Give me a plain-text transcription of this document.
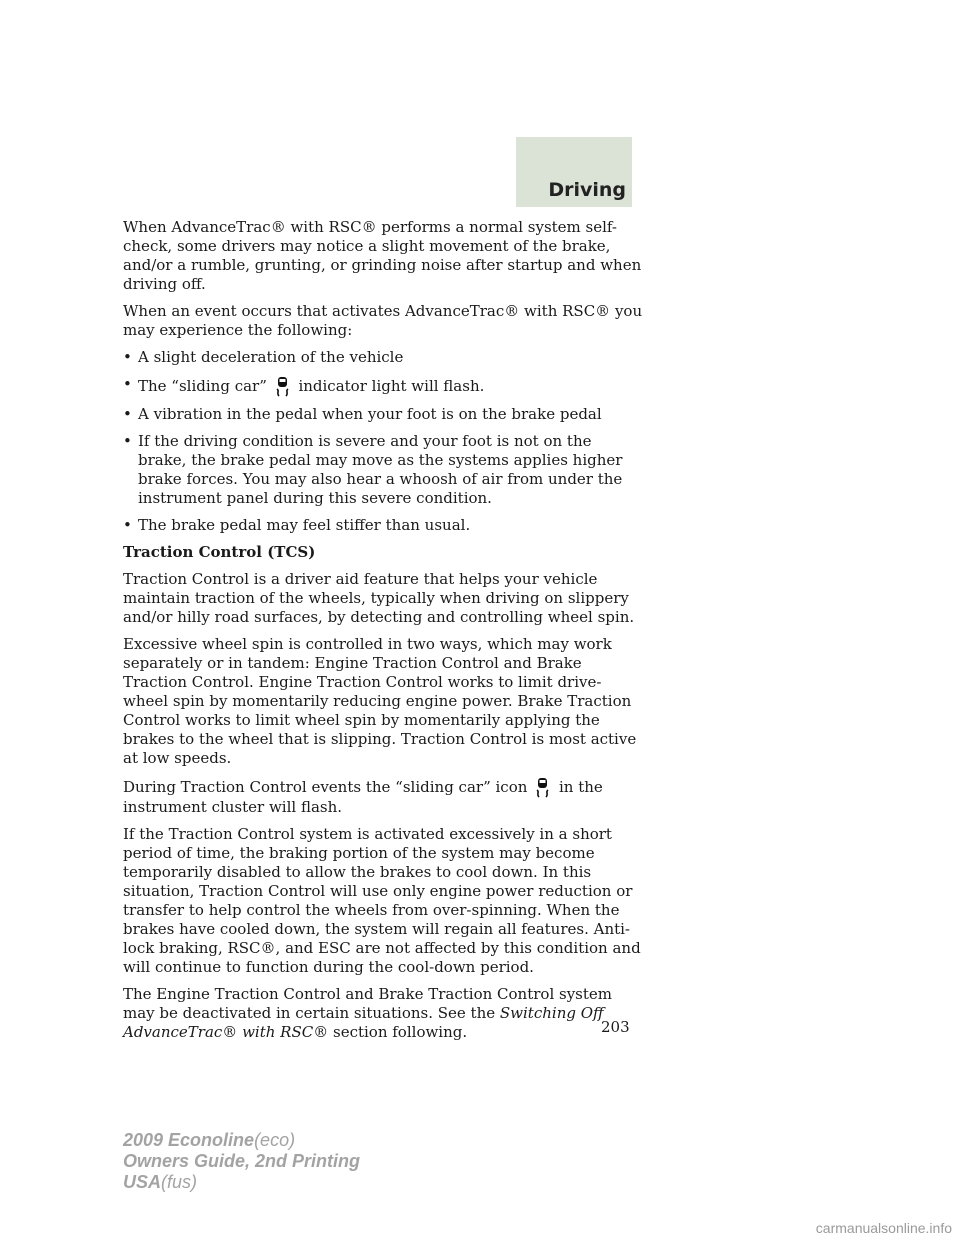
Driving

When AdvanceTrac® with RSC® performs a normal system self-check, some drivers may notice a slight movement of the brake, and/or a rumble, grunting, or grinding noise after startup and when driving off.

When an event occurs that activates AdvanceTrac® with RSC® you may experience the following:

• A slight deceleration of the vehicle
• The “sliding car” indicator light will flash.
• A vibration in the pedal when your foot is on the brake pedal
• If the driving condition is severe and your foot is not on the brake, the brake pedal may move as the systems applies higher brake forces. You may also hear a whoosh of air from under the instrument panel during this severe condition.
• The brake pedal may feel stiffer than usual.
Traction Control (TCS)

Traction Control is a driver aid feature that helps your vehicle maintain traction of the wheels, typically when driving on slippery and/or hilly road surfaces, by detecting and controlling wheel spin.

Excessive wheel spin is controlled in two ways, which may work separately or in tandem: Engine Traction Control and Brake Traction Control. Engine Traction Control works to limit drive-wheel spin by momentarily reducing engine power. Brake Traction Control works to limit wheel spin by momentarily applying the brakes to the wheel that is slipping. Traction Control is most active at low speeds.

During Traction Control events the “sliding car” icon in the instrument cluster will flash.

If the Traction Control system is activated excessively in a short period of time, the braking portion of the system may become temporarily disabled to allow the brakes to cool down. In this situation, Traction Control will use only engine power reduction or transfer to help control the wheels from over-spinning. When the brakes have cooled down, the system will regain all features. Anti-lock braking, RSC®, and ESC are not affected by this condition and will continue to function during the cool-down period.

The Engine Traction Control and Brake Traction Control system may be deactivated in certain situations. See the Switching Off AdvanceTrac® with RSC® section following.	203
2009 Econoline(eco)
Owners Guide, 2nd Printing
USA(fus)
carmanualsonline.info
